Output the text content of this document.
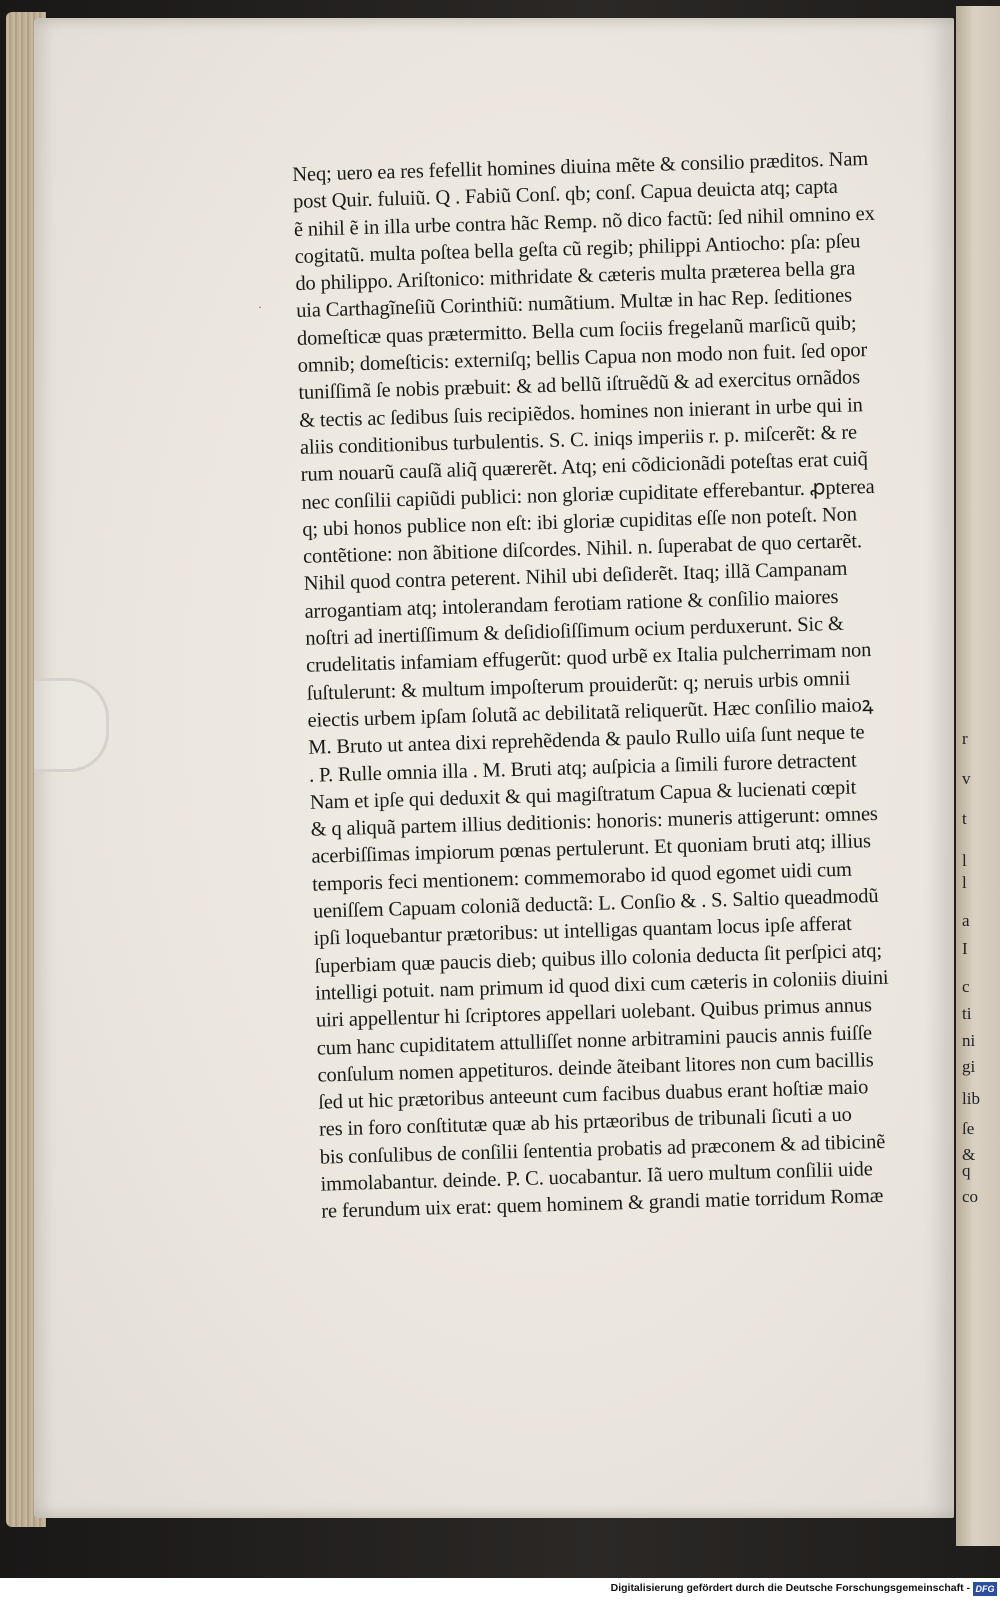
r
v
t
l
l
a
I
c
ti
ni
gi
lib
ſe
&
q
co
·
Neq; uero ea res fefellit homines diuina mẽte & consilio præditos. Nam
post Quir. fuluiũ. Q . Fabiũ Conſ. qb; conſ. Capua deuicta atq; capta
ẽ nihil ẽ in illa urbe contra hãc Remp. nõ dico factũ: ſed nihil omnino ex
cogitatũ. multa poſtea bella geſta cũ regib; philippi Antiocho: pſa: pſeu
do philippo. Ariſtonico: mithridate & cæteris multa præterea bella gra
uia Carthagĩneſiũ Corinthiũ: numãtium. Multæ in hac Rep. ſeditiones
domeſticæ quas prætermitto. Bella cum ſociis fregelanũ marſicũ quib;
omnib; domeſticis: externiſq; bellis Capua non modo non fuit. ſed opor
tuniſſimã ſe nobis præbuit: & ad bellũ iſtruẽdũ & ad exercitus ornãdos
& tectis ac ſedibus ſuis recipiẽdos. homines non inierant in urbe qui in
aliis conditionibus turbulentis. S. C. iniqs imperiis r. p. miſcerẽt: & re
rum nouarũ cauſã aliq̃ quærerẽt. Atq; eni cõdicionãdi poteſtas erat cuiq̃
nec conſilii capiũdi publici: non gloriæ cupiditate efferebantur. ꝓpterea
q; ubi honos publice non eſt: ibi gloriæ cupiditas eſſe non poteſt. Non
contẽtione: non ãbitione diſcordes. Nihil. n. ſuperabat de quo certarẽt.
Nihil quod contra peterent. Nihil ubi deſiderẽt. Itaq; illã Campanam
arrogantiam atq; intolerandam ferotiam ratione & conſilio maiores
noſtri ad inertiſſimum & deſidioſiſſimum ocium perduxerunt. Sic &
crudelitatis infamiam effugerũt: quod urbẽ ex Italia pulcherrimam non
ſuſtulerunt: & multum impoſterum prouiderũt: q; neruis urbis omnii
eiectis urbem ipſam ſolutã ac debilitatã reliquerũt. Hæc conſilio maioꝝ
M. Bruto ut antea dixi reprehẽdenda & paulo Rullo uiſa ſunt neque te
. P. Rulle omnia illa . M. Bruti atq; auſpicia a ſimili furore detractent
Nam et ipſe qui deduxit & qui magiſtratum Capua & lucienati cœpit
& q aliquã partem illius deditionis: honoris: muneris attigerunt: omnes
acerbiſſimas impiorum pœnas pertulerunt. Et quoniam bruti atq; illius
temporis feci mentionem: commemorabo id quod egomet uidi cum
ueniſſem Capuam coloniã deductã: L. Conſio & . S. Saltio queadmodũ
ipſi loquebantur prætoribus: ut intelligas quantam locus ipſe afferat
ſuperbiam quæ paucis dieb; quibus illo colonia deducta ſit perſpici atq;
intelligi potuit. nam primum id quod dixi cum cæteris in coloniis diuini
uiri appellentur hi ſcriptores appellari uolebant. Quibus primus annus
cum hanc cupiditatem attulliſſet nonne arbitramini paucis annis fuiſſe
conſulum nomen appetituros. deinde ãteibant litores non cum bacillis
ſed ut hic prætoribus anteeunt cum facibus duabus erant hoſtiæ maio
res in foro conſtitutæ quæ ab his prtæoribus de tribunali ſicuti a uo
bis conſulibus de conſilii ſententia probatis ad præconem & ad tibicinẽ
immolabantur. deinde. P. C. uocabantur. Iã uero multum conſilii uide
re ferundum uix erat: quem hominem & grandi matie torridum Romæ
Digitalisierung gefördert durch die Deutsche Forschungsgemeinschaft - DFG
